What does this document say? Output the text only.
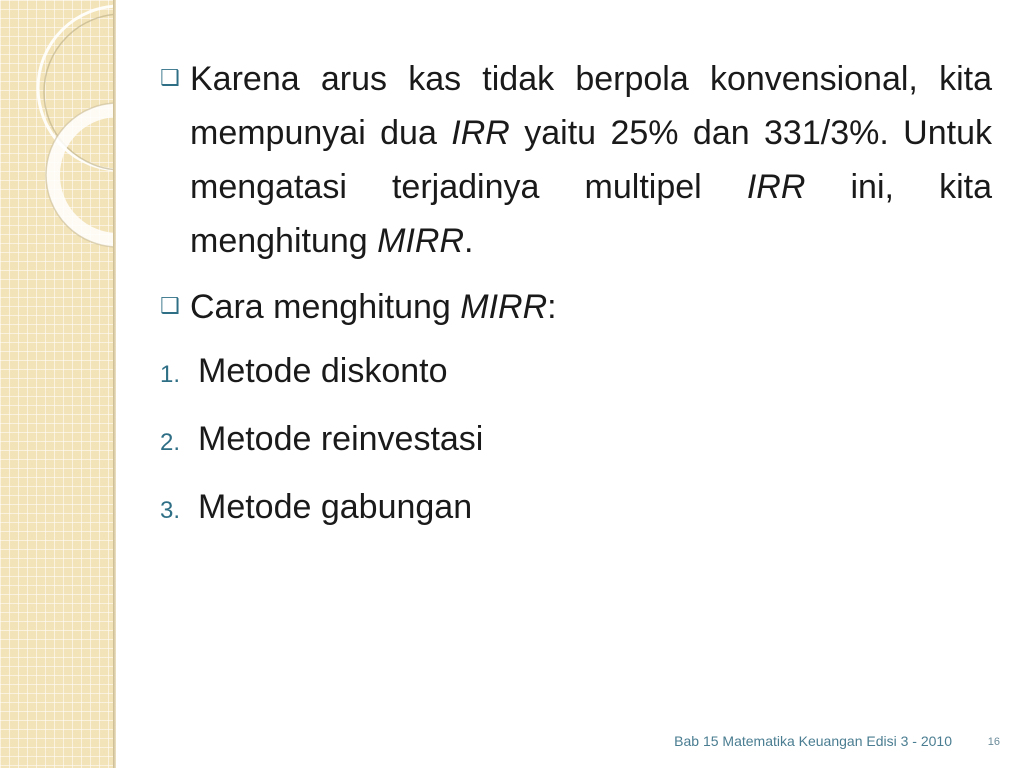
❑ Karena arus kas tidak berpola konvensional, kita mempunyai dua IRR yaitu 25% dan 331/3%. Untuk mengatasi terjadinya multipel IRR ini, kita menghitung MIRR.
❑ Cara menghitung MIRR:
1. Metode diskonto
2. Metode reinvestasi
3. Metode gabungan
Bab 15 Matematika Keuangan Edisi 3 - 2010	16
